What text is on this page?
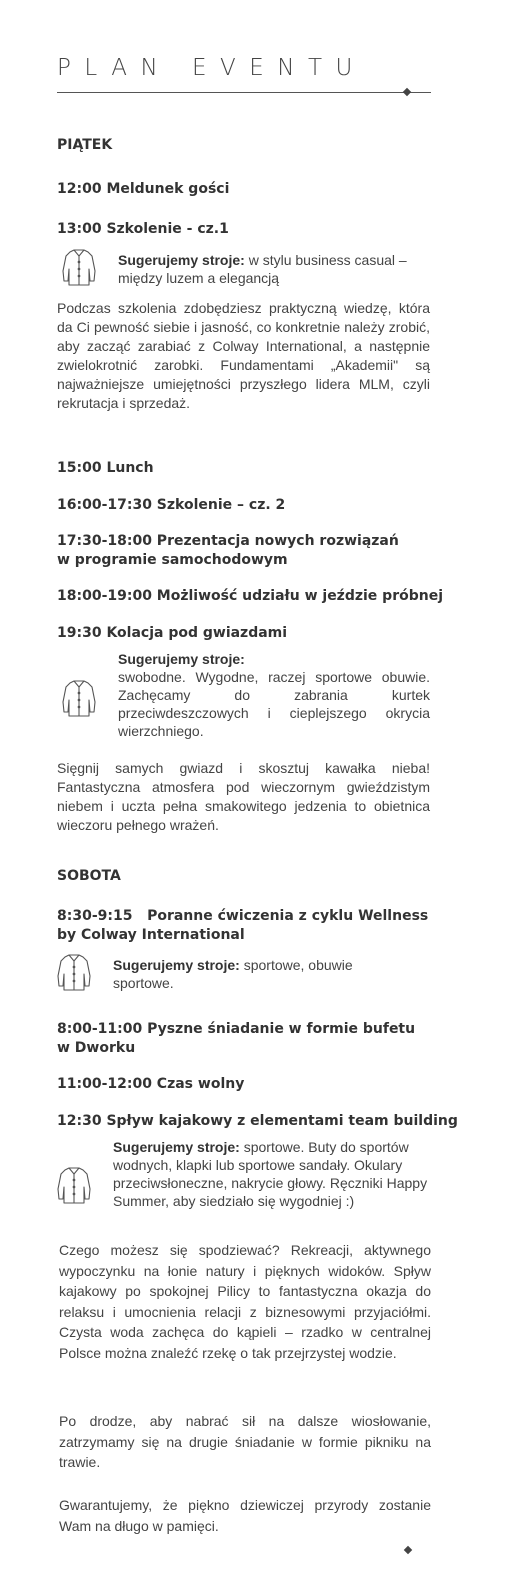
PLAN EVENTU
PIĄTEK
12:00 Meldunek gości
13:00 Szkolenie - cz.1
Sugerujemy stroje: w stylu business casual – między luzem a elegancją
Podczas szkolenia zdobędziesz praktyczną wiedzę, która da Ci pewność siebie i jasność, co konkretnie należy zrobić, aby zacząć zarabiać z Colway International, a następnie zwielokrotnić zarobki. Fundamentami „Akademii" są najważniejsze umiejętności przyszłego lidera MLM, czyli rekrutacja i sprzedaż.
15:00 Lunch
16:00-17:30 Szkolenie – cz. 2
17:30-18:00 Prezentacja nowych rozwiązań
w programie samochodowym
18:00-19:00 Możliwość udziału w jeździe próbnej
19:30 Kolacja pod gwiazdami
Sugerujemy stroje:
swobodne. Wygodne, raczej sportowe obuwie. Zachęcamy do zabrania kurtek przeciwdeszczowych i cieplejszego okrycia wierzchniego.
Sięgnij samych gwiazd i skosztuj kawałka nieba! Fantastyczna atmosfera pod wieczornym gwieździstym niebem i uczta pełna smakowitego jedzenia to obietnica wieczoru pełnego wrażeń.
SOBOTA
8:30-9:15   Poranne ćwiczenia z cyklu Wellness
by Colway International
Sugerujemy stroje: sportowe, obuwie sportowe.
8:00-11:00 Pyszne śniadanie w formie bufetu
w Dworku
11:00-12:00 Czas wolny
12:30 Spływ kajakowy z elementami team building
Sugerujemy stroje: sportowe. Buty do sportów wodnych, klapki lub sportowe sandały. Okulary przeciwsłoneczne, nakrycie głowy. Ręczniki Happy Summer, aby siedziało się wygodniej :)
Czego możesz się spodziewać? Rekreacji, aktywnego wypoczynku na łonie natury i pięknych widoków. Spływ kajakowy po spokojnej Pilicy to fantastyczna okazja do relaksu i umocnienia relacji z biznesowymi przyjaciółmi. Czysta woda zachęca do kąpieli – rzadko w centralnej Polsce można znaleźć rzekę o tak przejrzystej wodzie.
Po drodze, aby nabrać sił na dalsze wiosłowanie, zatrzymamy się na drugie śniadanie w formie pikniku na trawie.
Gwarantujemy, że piękno dziewiczej przyrody zostanie Wam na długo w pamięci.
